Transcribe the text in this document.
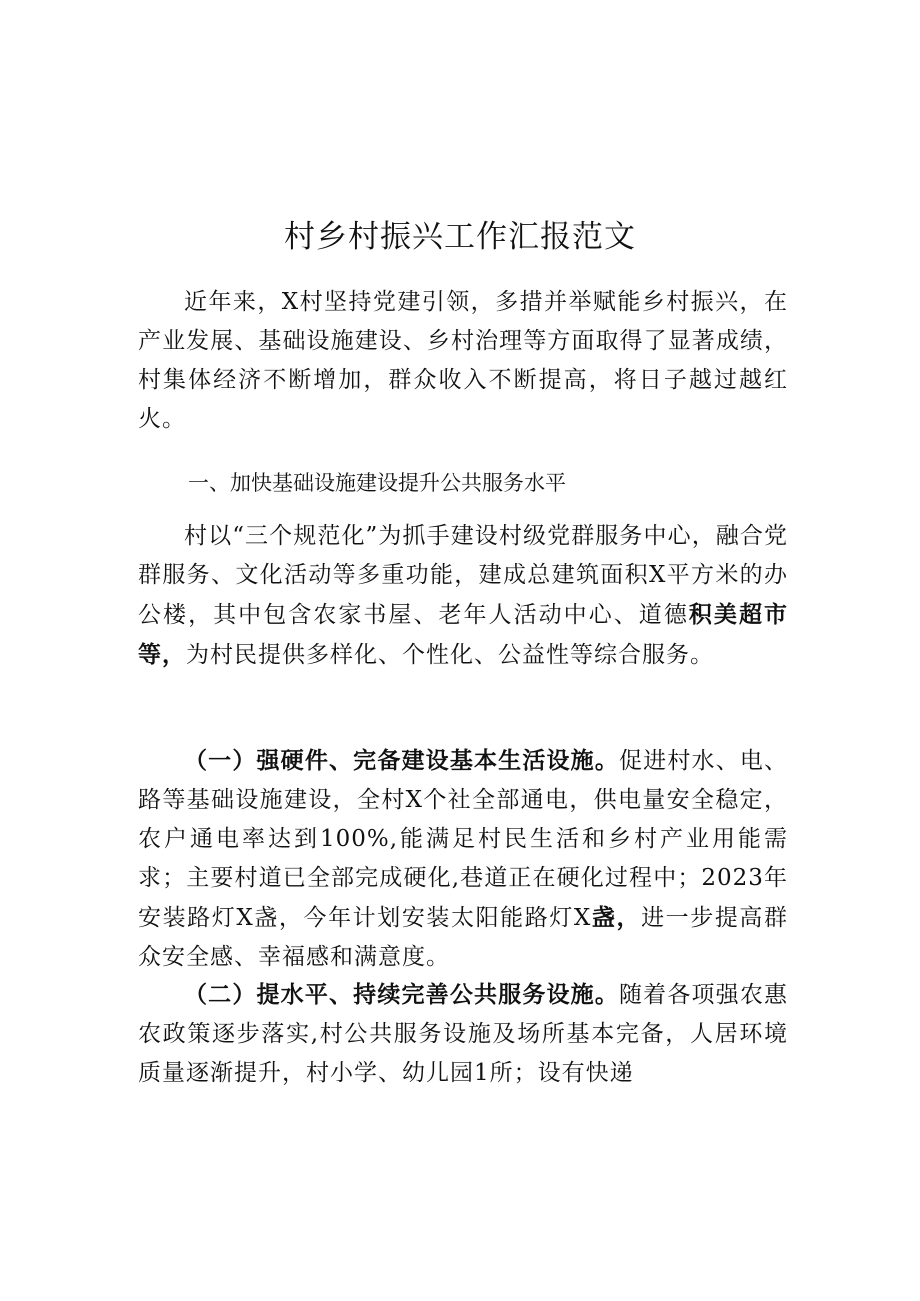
村乡村振兴工作汇报范文
近年来，X村坚持党建引领，多措并举赋能乡村振兴，在产业发展、基础设施建设、乡村治理等方面取得了显著成绩，村集体经济不断增加，群众收入不断提高，将日子越过越红火。
一、加快基础设施建设提升公共服务水平
村以“三个规范化”为抓手建设村级党群服务中心，融合党群服务、文化活动等多重功能，建成总建筑面积X平方米的办公楼，其中包含农家书屋、老年人活动中心、道德积美超市等，为村民提供多样化、个性化、公益性等综合服务。
（一）强硬件、完备建设基本生活设施。促进村水、电、路等基础设施建设，全村X个社全部通电，供电量安全稳定，农户通电率达到100%,能满足村民生活和乡村产业用能需求；主要村道已全部完成硬化,巷道正在硬化过程中；2023年安装路灯X盏，今年计划安装太阳能路灯X盏，进一步提高群众安全感、幸福感和满意度。
（二）提水平、持续完善公共服务设施。随着各项强农惠农政策逐步落实,村公共服务设施及场所基本完备，人居环境质量逐渐提升，村小学、幼儿园1所；设有快递
